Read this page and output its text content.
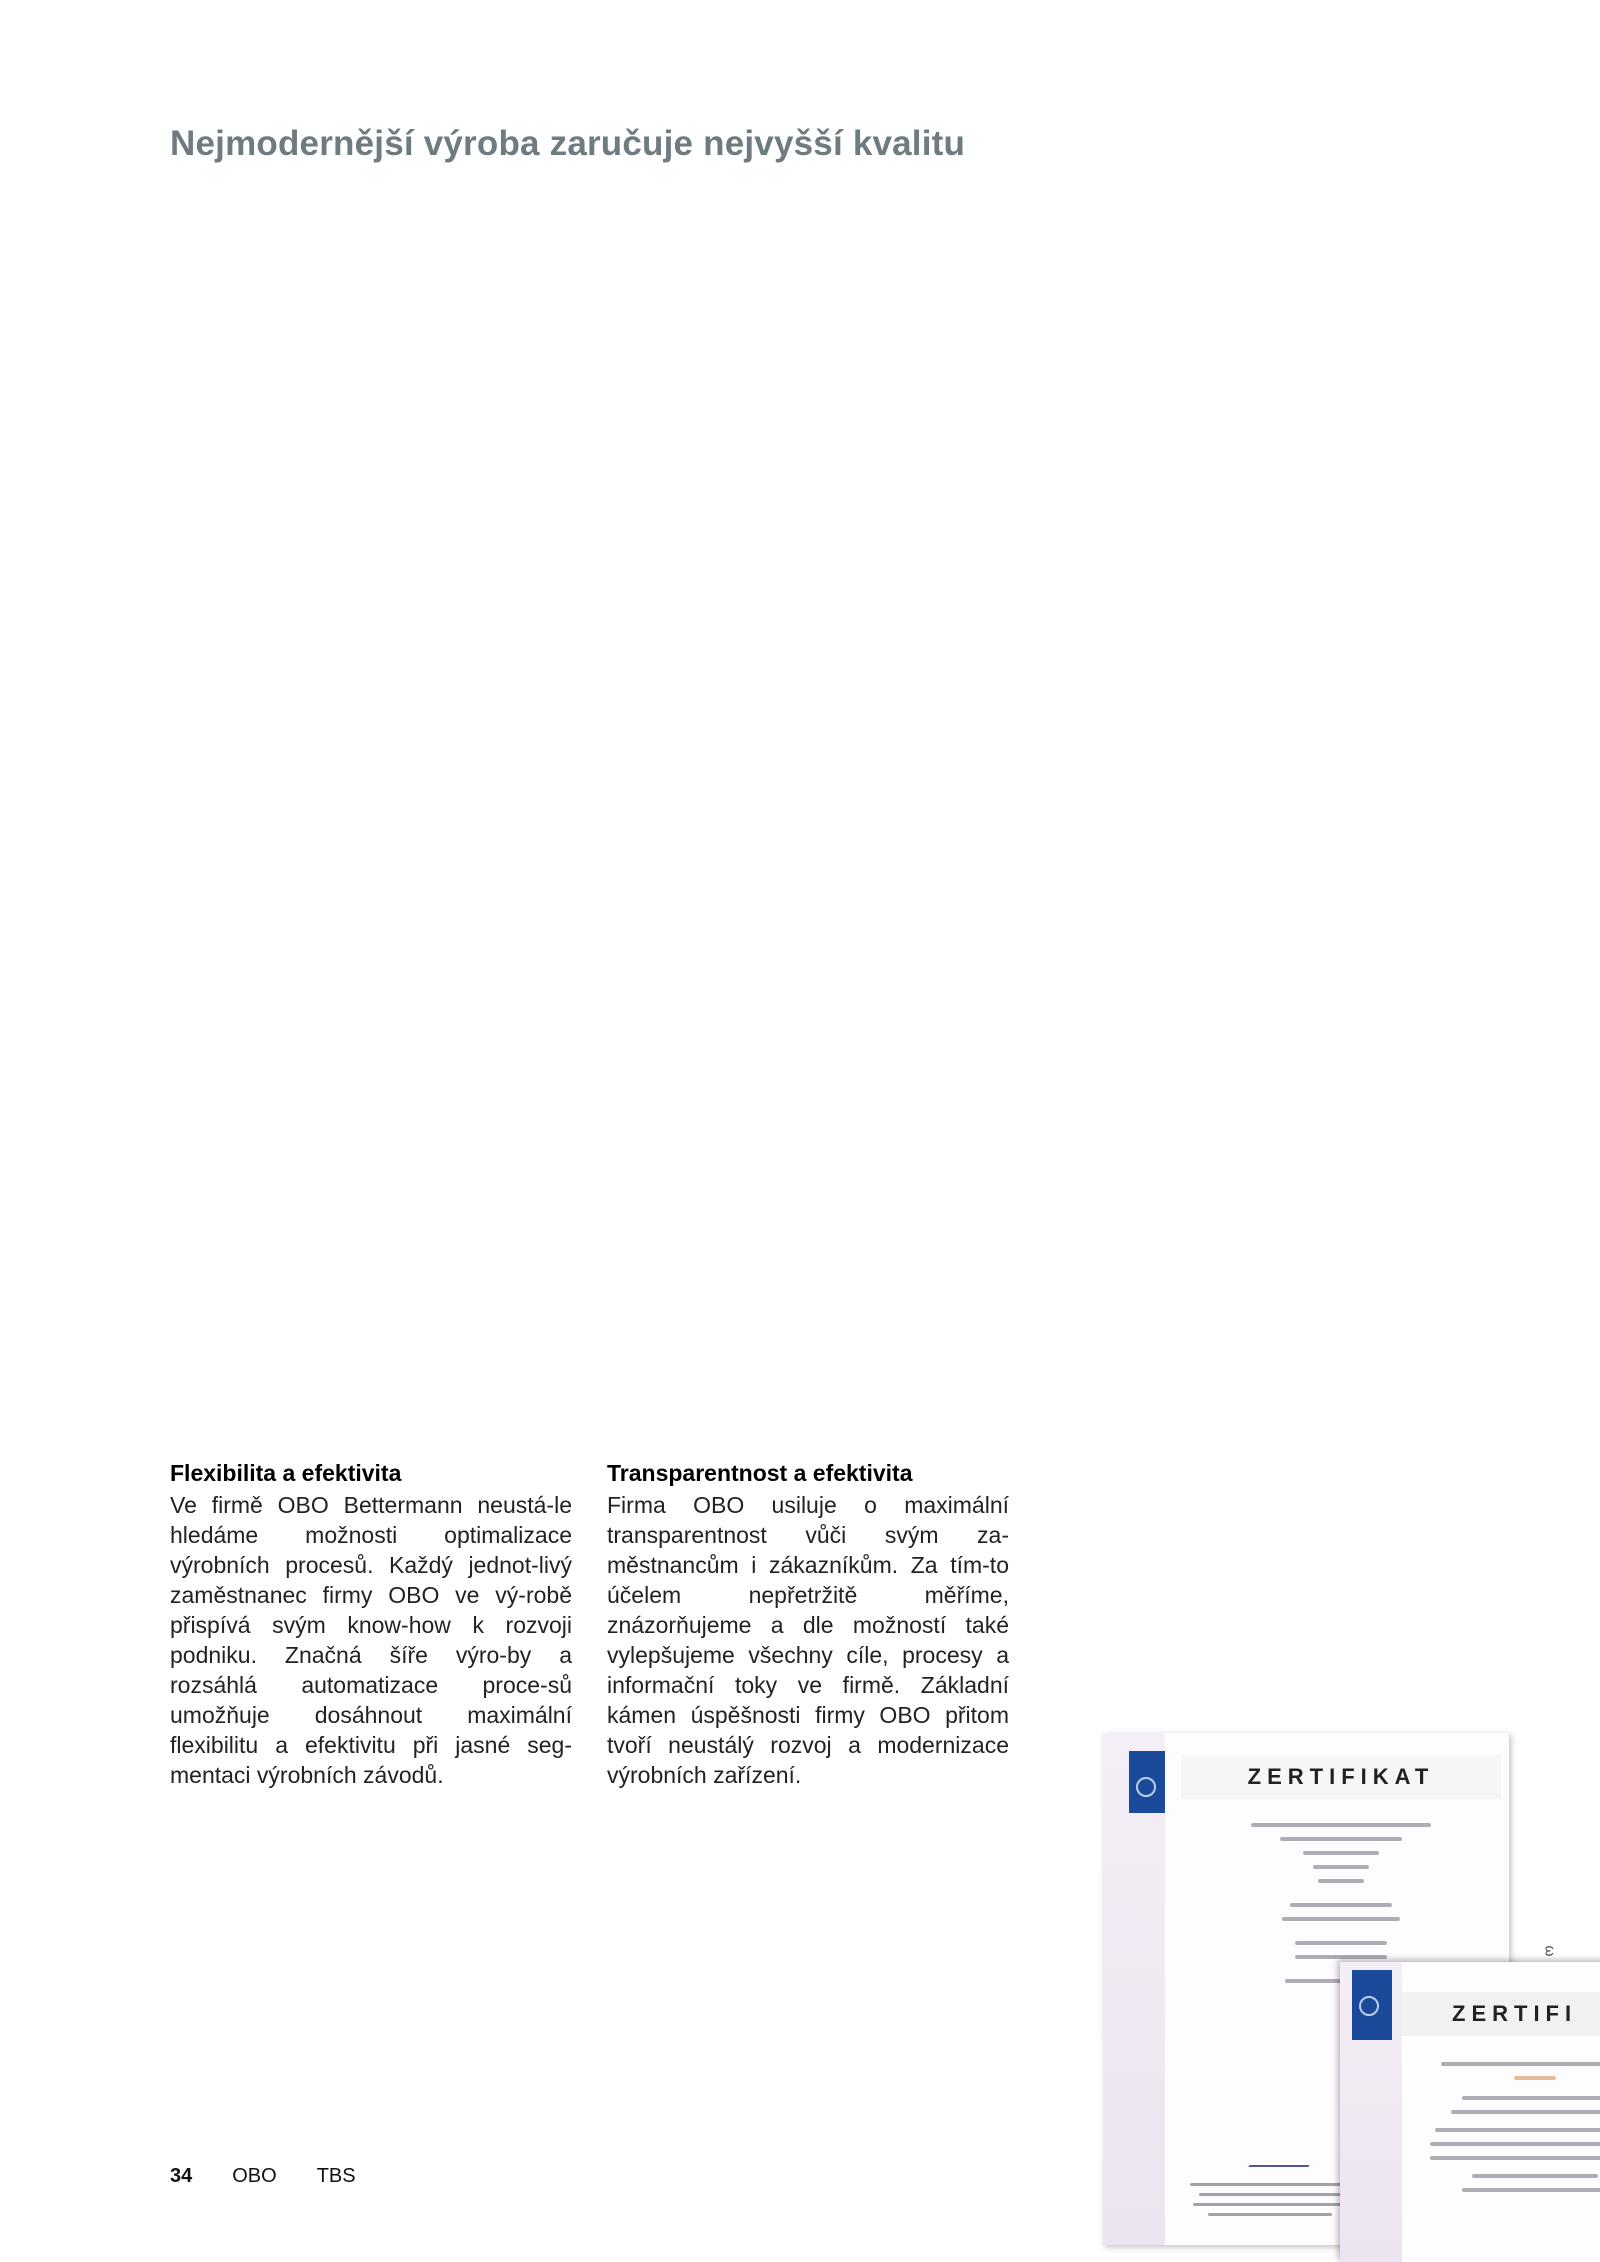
Nejmodernější výroba zaručuje nejvyšší kvalitu
Flexibilita a efektivita

Ve firmě OBO Bettermann neustá-le hledáme možnosti optimalizace výrobních procesů. Každý jednot-livý zaměstnanec firmy OBO ve vý-robě přispívá svým know-how k rozvoji podniku. Značná šíře výro-by a rozsáhlá automatizace proce-sů umožňuje dosáhnout maximální flexibilitu a efektivitu při jasné seg-mentaci výrobních závodů.

Transparentnost a efektivita

Firma OBO usiluje o maximální transparentnost vůči svým za-městnancům i zákazníkům. Za tím-to účelem nepřetržitě měříme, znázorňujeme a dle možností také vylepšujeme všechny cíle, procesy a informační toky ve firmě. Základní kámen úspěšnosti firmy OBO přitom tvoří neustálý rozvoj a modernizace výrobních zařízení.	ZERTIFIKAT
ZERTIFI
ω
34 OBO TBS
